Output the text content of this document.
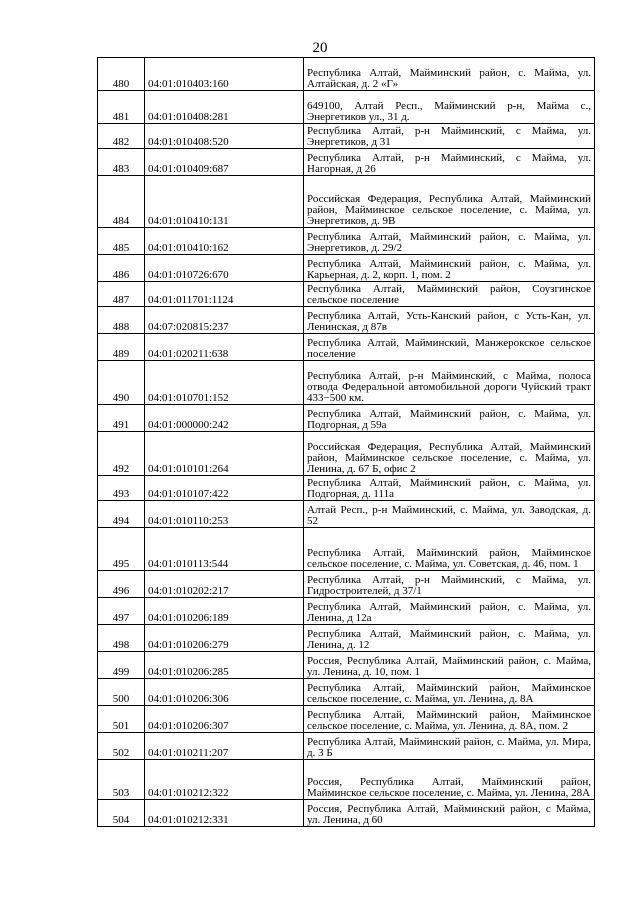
20
480	04:01:010403:160	Республика Алтай, Майминский район, с. Майма, ул. Алтайская, д. 2 «Г»
481	04:01:010408:281	649100, Алтай Респ., Майминский р-н, Майма с., Энергетиков ул., 31 д.
482	04:01:010408:520	Республика Алтай, р-н Майминский, с Майма, ул. Энергетиков, д 31
483	04:01:010409:687	Республика Алтай, р-н Майминский, с Майма, ул. Нагорная, д 26
484	04:01:010410:131	Российская Федерация, Республика Алтай, Майминский район, Майминское сельское поселение, с. Майма, ул. Энергетиков, д. 9В
485	04:01:010410:162	Республика Алтай, Майминский район, с. Майма, ул. Энергетиков, д. 29/2
486	04:01:010726:670	Республика Алтай, Майминский район, с. Майма, ул. Карьерная, д. 2, корп. 1, пом. 2
487	04:01:011701:1124	Республика Алтай, Майминский район, Соузгинское сельское поселение
488	04:07:020815:237	Республика Алтай, Усть-Канский район, с Усть-Кан, ул. Ленинская, д 87в
489	04:01:020211:638	Республика Алтай, Майминский, Манжерокское сельское поселение
490	04:01:010701:152	Республика Алтай, р-н Майминский, с Майма, полоса отвода Федеральной автомобильной дороги Чуйский тракт 433−500 км.
491	04:01:000000:242	Республика Алтай, Майминский район, с. Майма, ул. Подгорная, д 59а
492	04:01:010101:264	Российская Федерация, Республика Алтай, Майминский район, Майминское сельское поселение, с. Майма, ул. Ленина, д. 67 Б, офис 2
493	04:01:010107:422	Республика Алтай, Майминский район, с. Майма, ул. Подгорная, д. 111а
494	04:01:010110:253	Алтай Респ., р-н Майминский, с. Майма, ул. Заводская, д. 52
495	04:01:010113:544	Республика Алтай, Майминский район, Майминское сельское поселение, с. Майма, ул. Советская, д. 46, пом. 1
496	04:01:010202:217	Республика Алтай, р-н Майминский, с Майма, ул. Гидростроителей, д 37/1
497	04:01:010206:189	Республика Алтай, Майминский район, с. Майма, ул. Ленина, д 12а
498	04:01:010206:279	Республика Алтай, Майминский район, с. Майма, ул. Ленина, д. 12
499	04:01:010206:285	Россия, Республика Алтай, Майминский район, с. Майма, ул. Ленина, д. 10, пом. 1
500	04:01:010206:306	Республика Алтай, Майминский район, Майминское сельское поселение, с. Майма, ул. Ленина, д. 8А
501	04:01:010206:307	Республика Алтай, Майминский район, Майминское сельское поселение, с. Майма, ул. Ленина, д. 8А, пом. 2
502	04:01:010211:207	Республика Алтай, Майминский район, с. Майма, ул. Мира, д. 3 Б
503	04:01:010212:322	Россия, Республика Алтай, Майминский район, Майминское сельское поселение, с. Майма, ул. Ленина, 28А
504	04:01:010212:331	Россия, Республика Алтай, Майминский район, с Майма, ул. Ленина, д 60
